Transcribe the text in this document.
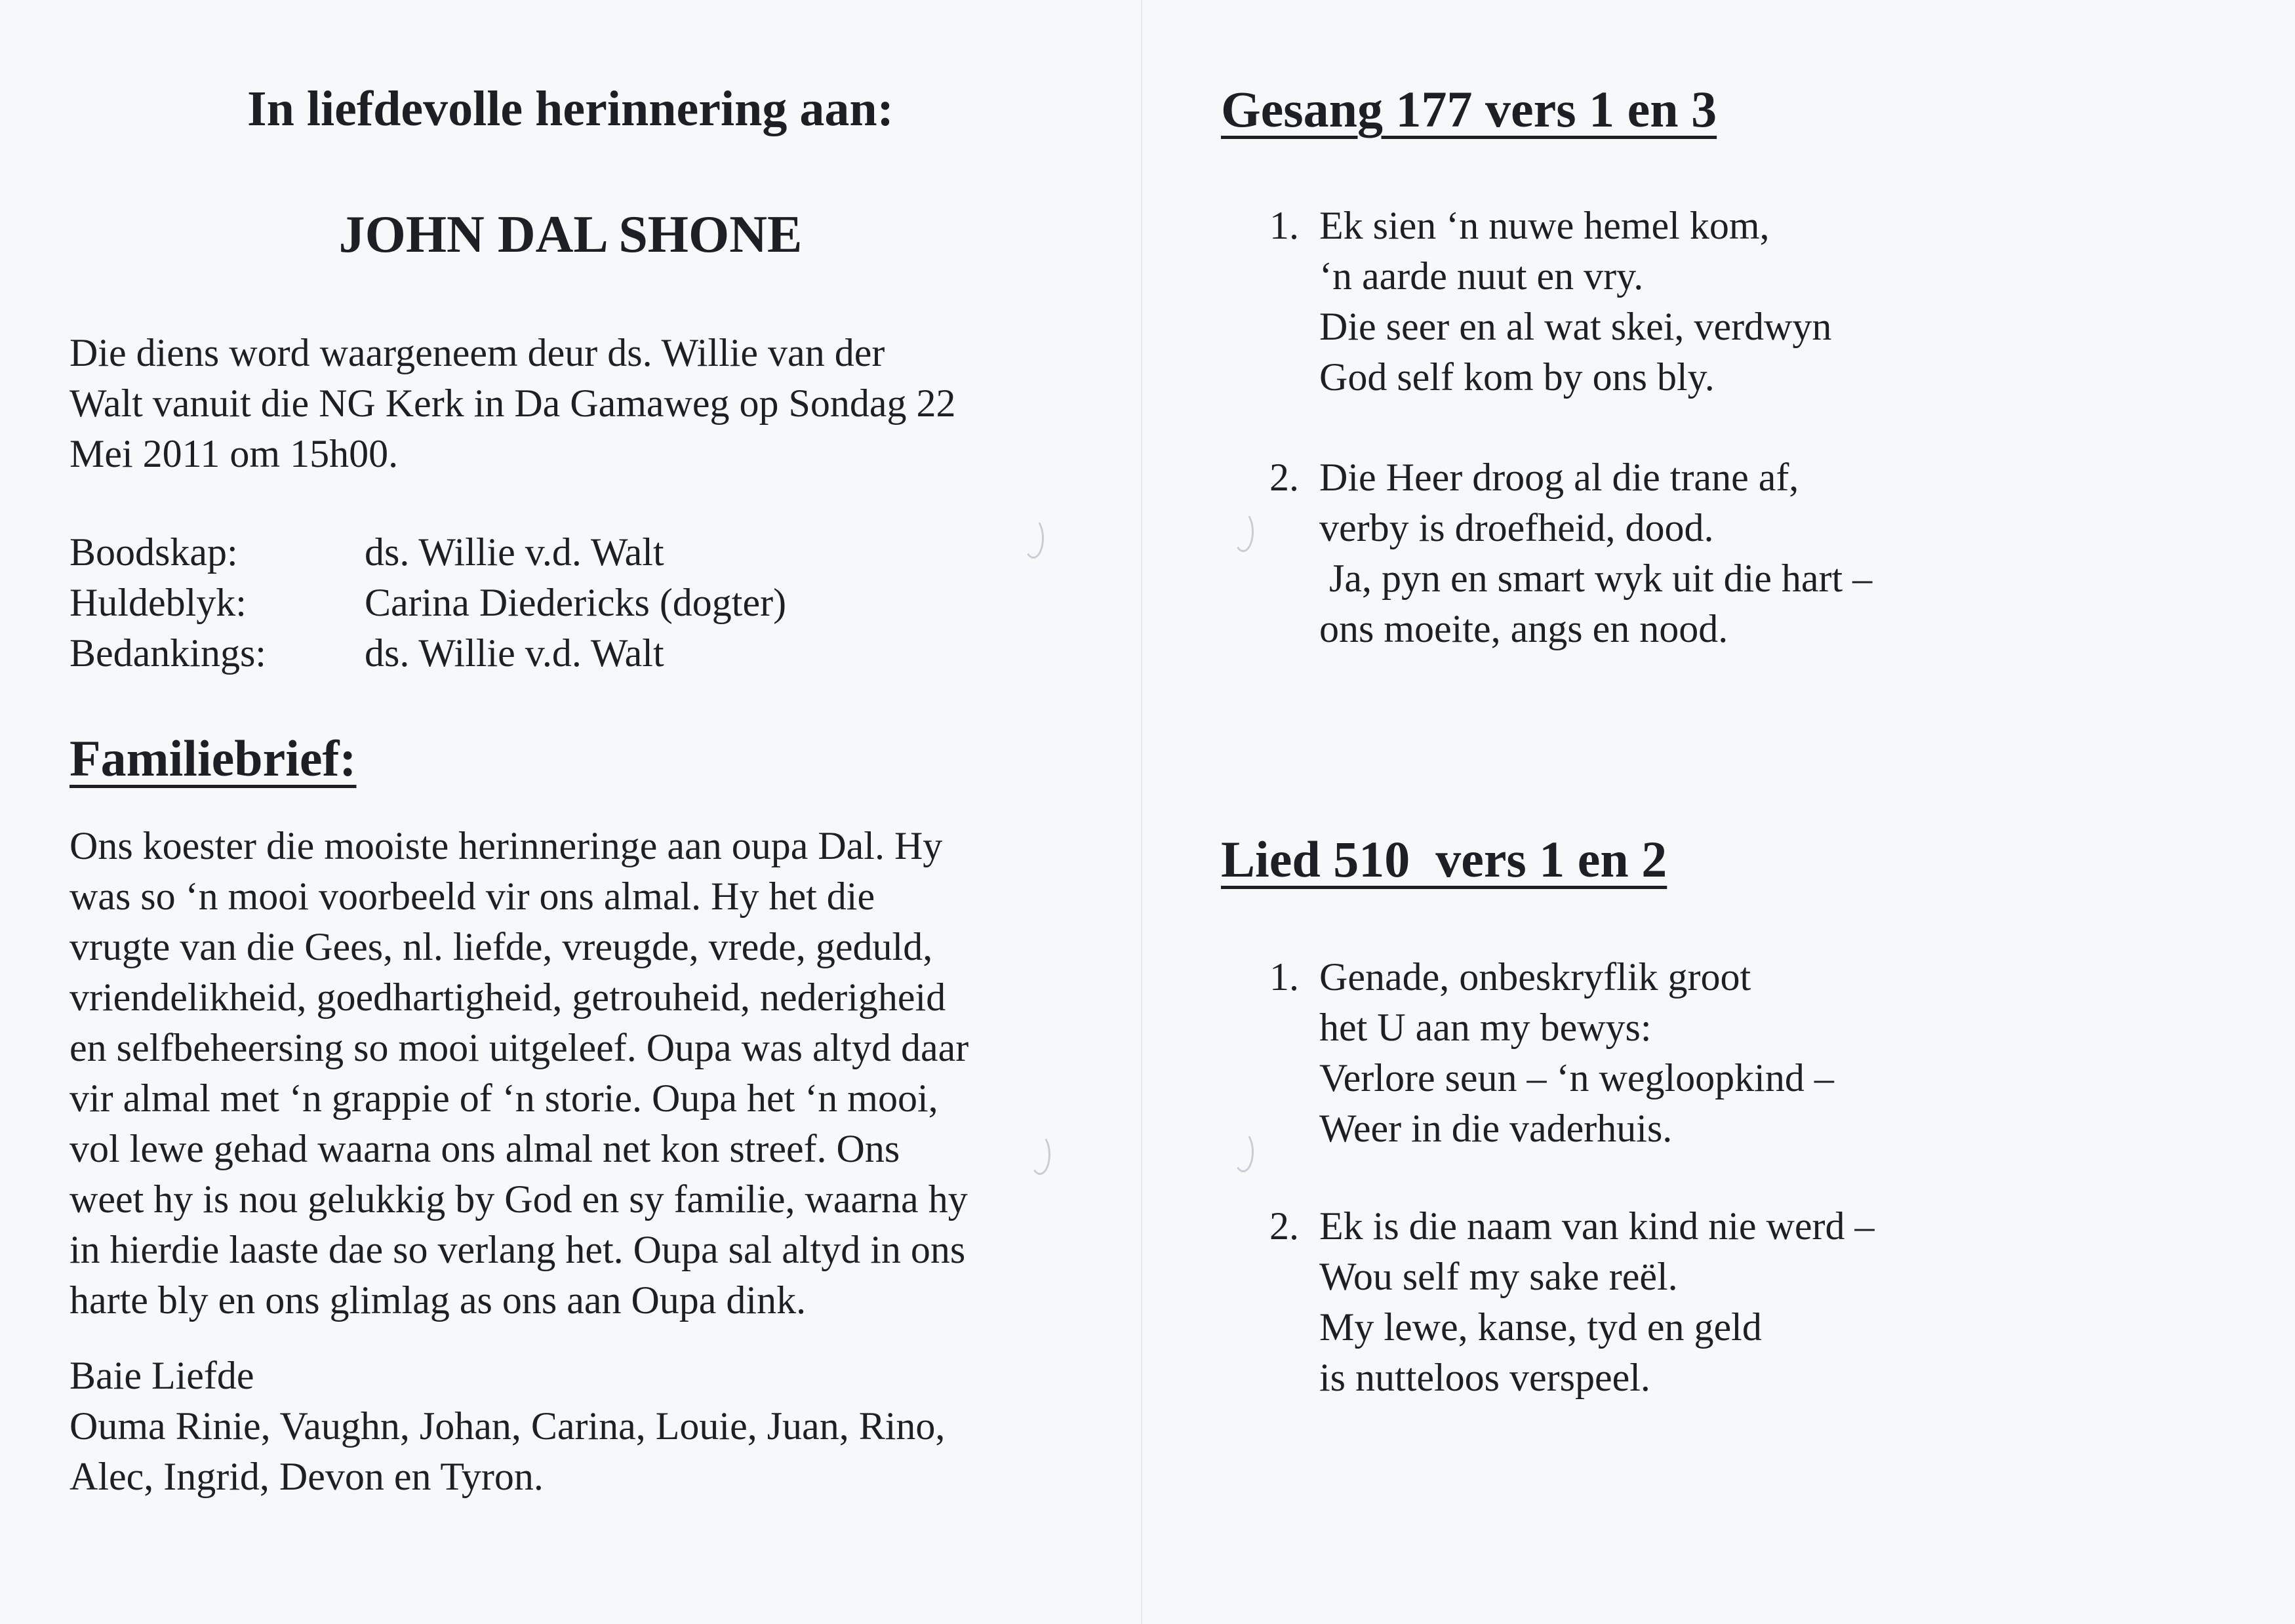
In liefdevolle herinnering aan:
JOHN DAL SHONE
Die diens word waargeneem deur ds. Willie van der
Walt vanuit die NG Kerk in Da Gamaweg op Sondag 22
Mei 2011 om 15h00.
Boodskap:	ds. Willie v.d. Walt
Huldeblyk:	Carina Diedericks (dogter)
Bedankings:	ds. Willie v.d. Walt
Familiebrief:
Ons koester die mooiste herinneringe aan oupa Dal. Hy
was so ‘n mooi voorbeeld vir ons almal. Hy het die
vrugte van die Gees, nl. liefde, vreugde, vrede, geduld,
vriendelikheid, goedhartigheid, getrouheid, nederigheid
en selfbeheersing so mooi uitgeleef. Oupa was altyd daar
vir almal met ‘n grappie of ‘n storie. Oupa het ‘n mooi,
vol lewe gehad waarna ons almal net kon streef. Ons
weet hy is nou gelukkig by God en sy familie, waarna hy
in hierdie laaste dae so verlang het. Oupa sal altyd in ons
harte bly en ons glimlag as ons aan Oupa dink.
Baie Liefde
Ouma Rinie, Vaughn, Johan, Carina, Louie, Juan, Rino,
Alec, Ingrid, Devon en Tyron.
Gesang 177 vers 1 en 3
1. Ek sien ‘n nuwe hemel kom,
‘n aarde nuut en vry.
Die seer en al wat skei, verdwyn
God self kom by ons bly.
2. Die Heer droog al die trane af,
verby is droefheid, dood.
Ja, pyn en smart wyk uit die hart –
ons moeite, angs en nood.
Lied 510  vers 1 en 2
1. Genade, onbeskryflik groot
het U aan my bewys:
Verlore seun – ‘n wegloopkind –
Weer in die vaderhuis.
2. Ek is die naam van kind nie werd –
Wou self my sake reël.
My lewe, kanse, tyd en geld
is nutteloos verspeel.
